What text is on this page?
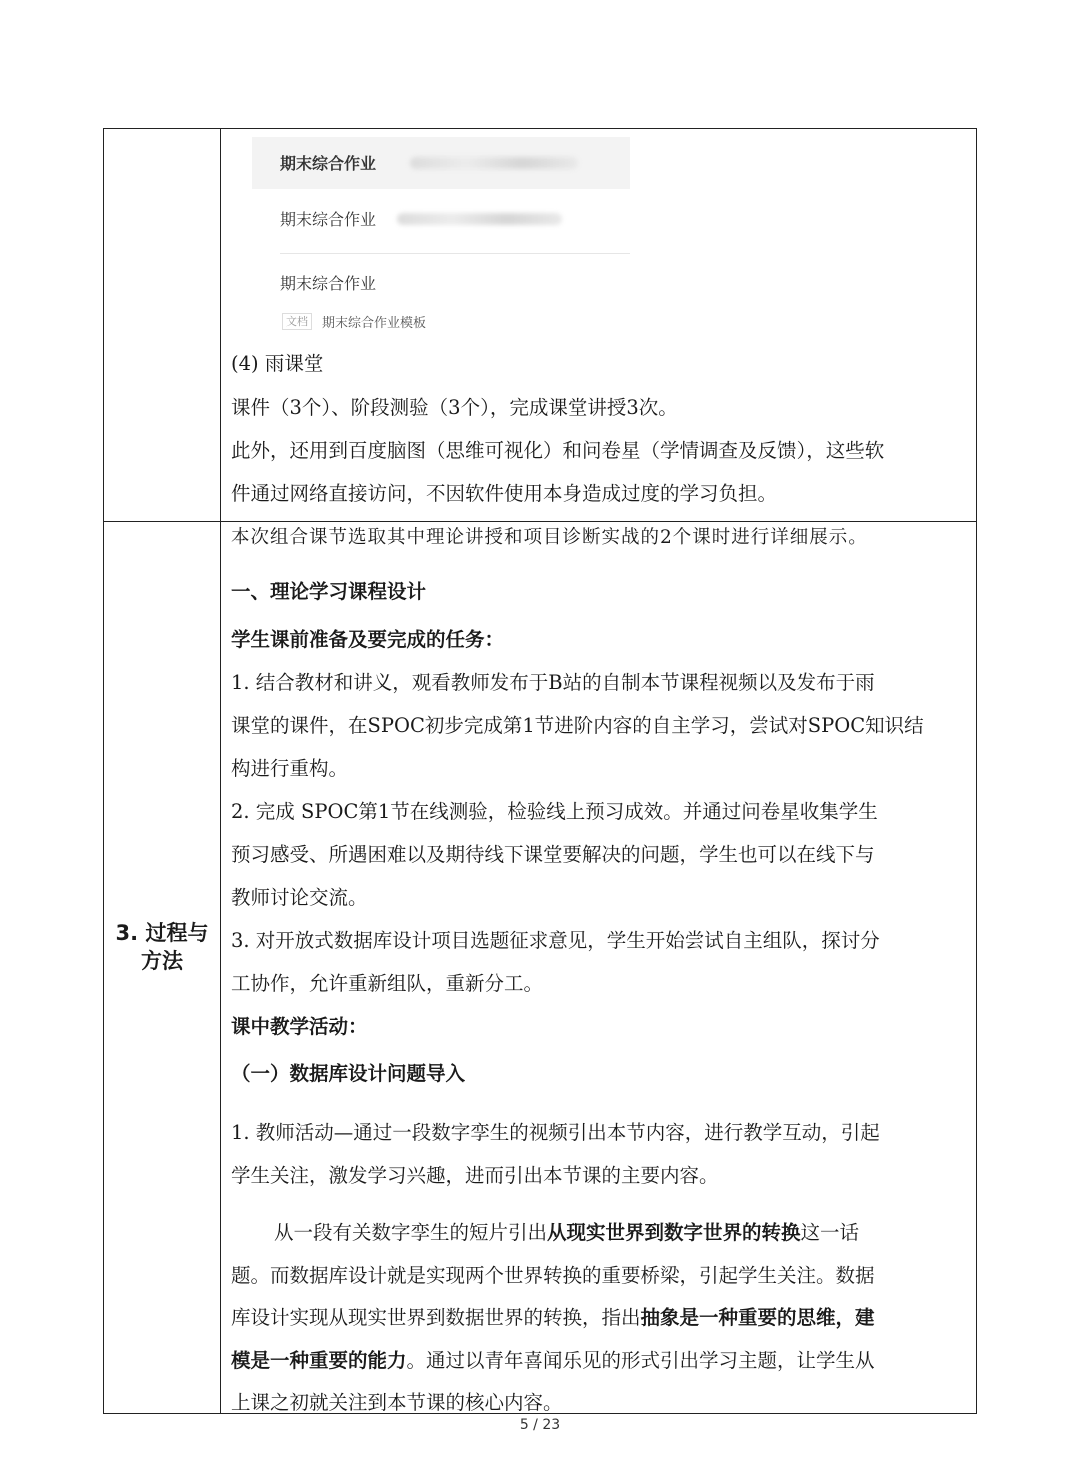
期末综合作业
期末综合作业
期末综合作业
文档	期末综合作业模板
(4) 雨课堂
课件（3个）、阶段测验（3个），完成课堂讲授3次。
此外，还用到百度脑图（思维可视化）和问卷星（学情调查及反馈），这些软
件通过网络直接访问，不因软件使用本身造成过度的学习负担。
3. 过程与
方法
本次组合课节选取其中理论讲授和项目诊断实战的2个课时进行详细展示。
一、理论学习课程设计
学生课前准备及要完成的任务：
1. 结合教材和讲义，观看教师发布于B站的自制本节课程视频以及发布于雨
课堂的课件，在SPOC初步完成第1节进阶内容的自主学习，尝试对SPOC知识结
构进行重构。
2. 完成 SPOC第1节在线测验，检验线上预习成效。并通过问卷星收集学生
预习感受、所遇困难以及期待线下课堂要解决的问题，学生也可以在线下与
教师讨论交流。
3. 对开放式数据库设计项目选题征求意见，学生开始尝试自主组队，探讨分
工协作，允许重新组队，重新分工。
课中教学活动：
（一）数据库设计问题导入
1. 教师活动—通过一段数字孪生的视频引出本节内容，进行教学互动，引起
学生关注，激发学习兴趣，进而引出本节课的主要内容。
从一段有关数字孪生的短片引出从现实世界到数字世界的转换这一话
题。而数据库设计就是实现两个世界转换的重要桥梁，引起学生关注。数据
库设计实现从现实世界到数据世界的转换，指出抽象是一种重要的思维，建
模是一种重要的能力。通过以青年喜闻乐见的形式引出学习主题，让学生从
上课之初就关注到本节课的核心内容。
5 / 23
